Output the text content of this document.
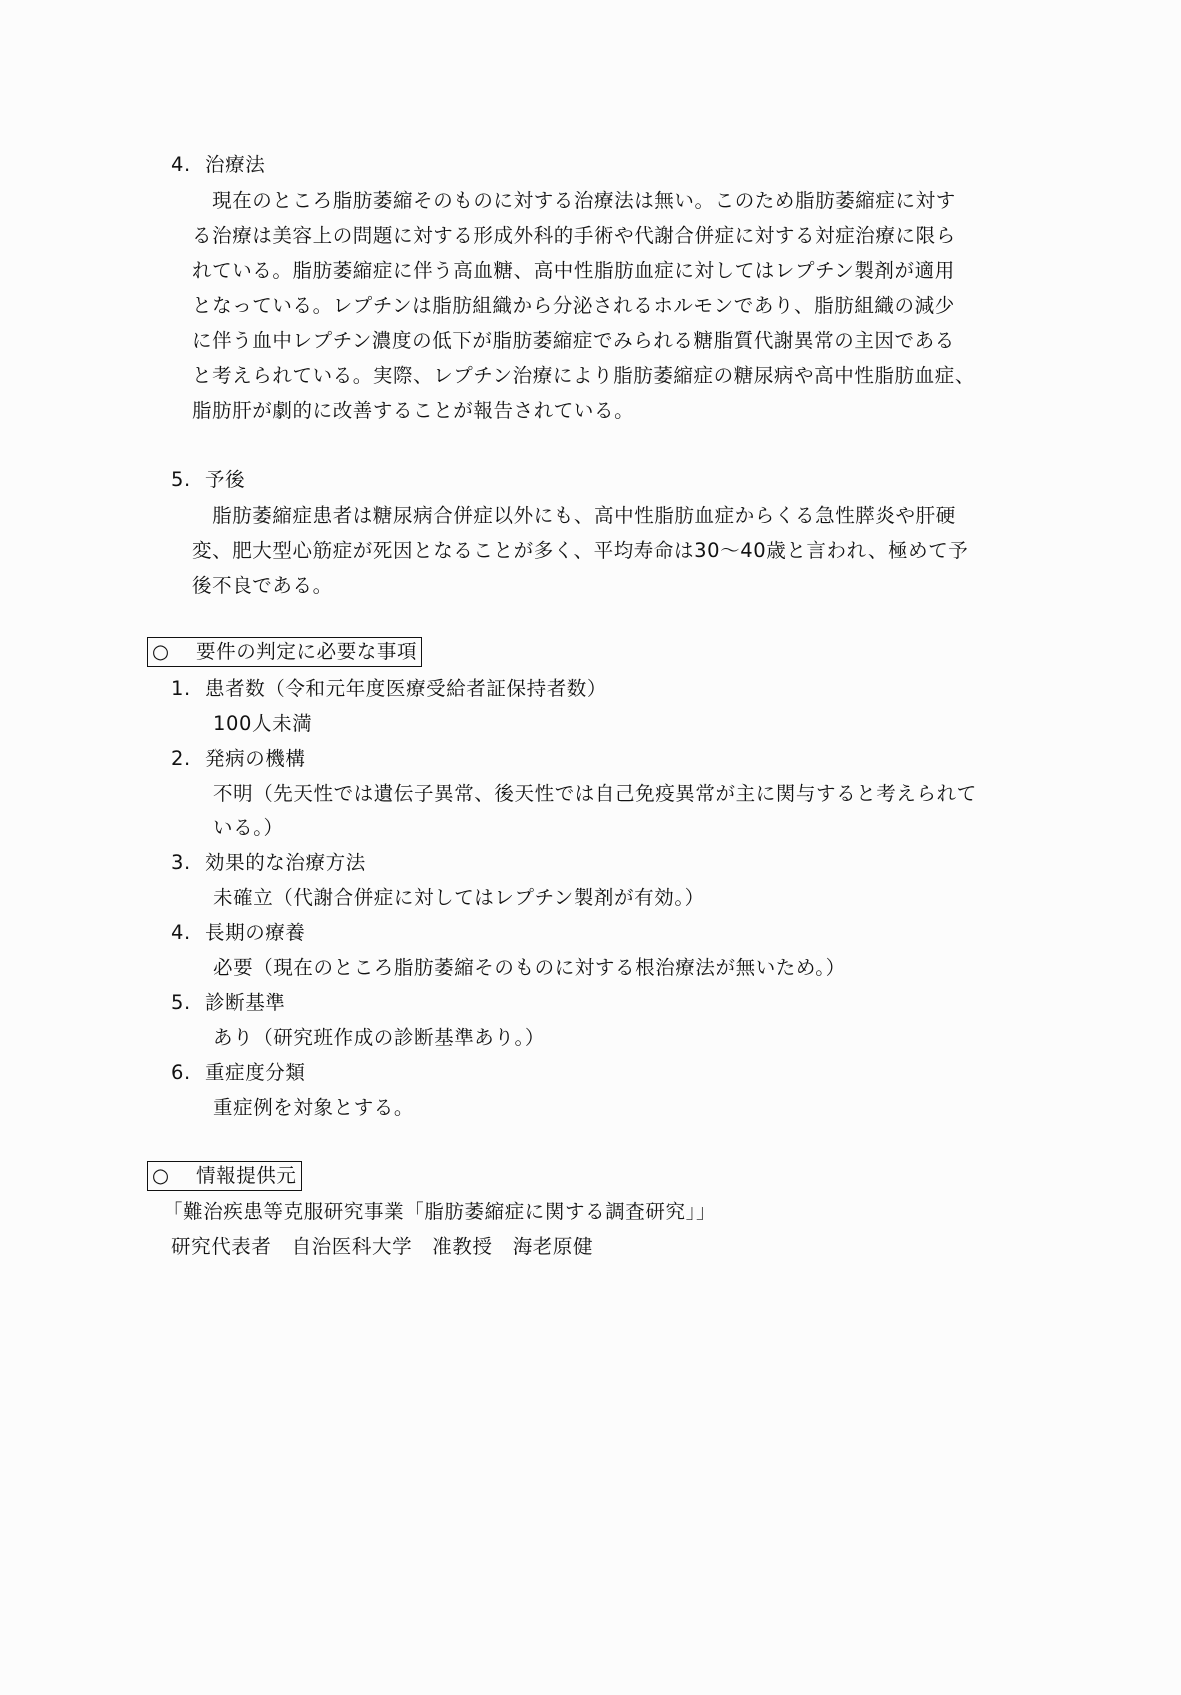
4. 治療法
　現在のところ脂肪萎縮そのものに対する治療法は無い。このため脂肪萎縮症に対す
る治療は美容上の問題に対する形成外科的手術や代謝合併症に対する対症治療に限ら
れている。脂肪萎縮症に伴う高血糖、高中性脂肪血症に対してはレプチン製剤が適用
となっている。レプチンは脂肪組織から分泌されるホルモンであり、脂肪組織の減少
に伴う血中レプチン濃度の低下が脂肪萎縮症でみられる糖脂質代謝異常の主因である
と考えられている。実際、レプチン治療により脂肪萎縮症の糖尿病や高中性脂肪血症、
脂肪肝が劇的に改善することが報告されている。
5. 予後
　脂肪萎縮症患者は糖尿病合併症以外にも、高中性脂肪血症からくる急性膵炎や肝硬
変、肥大型心筋症が死因となることが多く、平均寿命は30～40歳と言われ、極めて予
後不良である。
○ 要件の判定に必要な事項
1. 患者数（令和元年度医療受給者証保持者数）
100人未満
2. 発病の機構
不明（先天性では遺伝子異常、後天性では自己免疫異常が主に関与すると考えられて
いる。）
3. 効果的な治療方法
未確立（代謝合併症に対してはレプチン製剤が有効。）
4. 長期の療養
必要（現在のところ脂肪萎縮そのものに対する根治療法が無いため。）
5. 診断基準
あり（研究班作成の診断基準あり。）
6. 重症度分類
重症例を対象とする。
○ 情報提供元
「難治疾患等克服研究事業「脂肪萎縮症に関する調査研究」」
研究代表者　自治医科大学　准教授　海老原健
